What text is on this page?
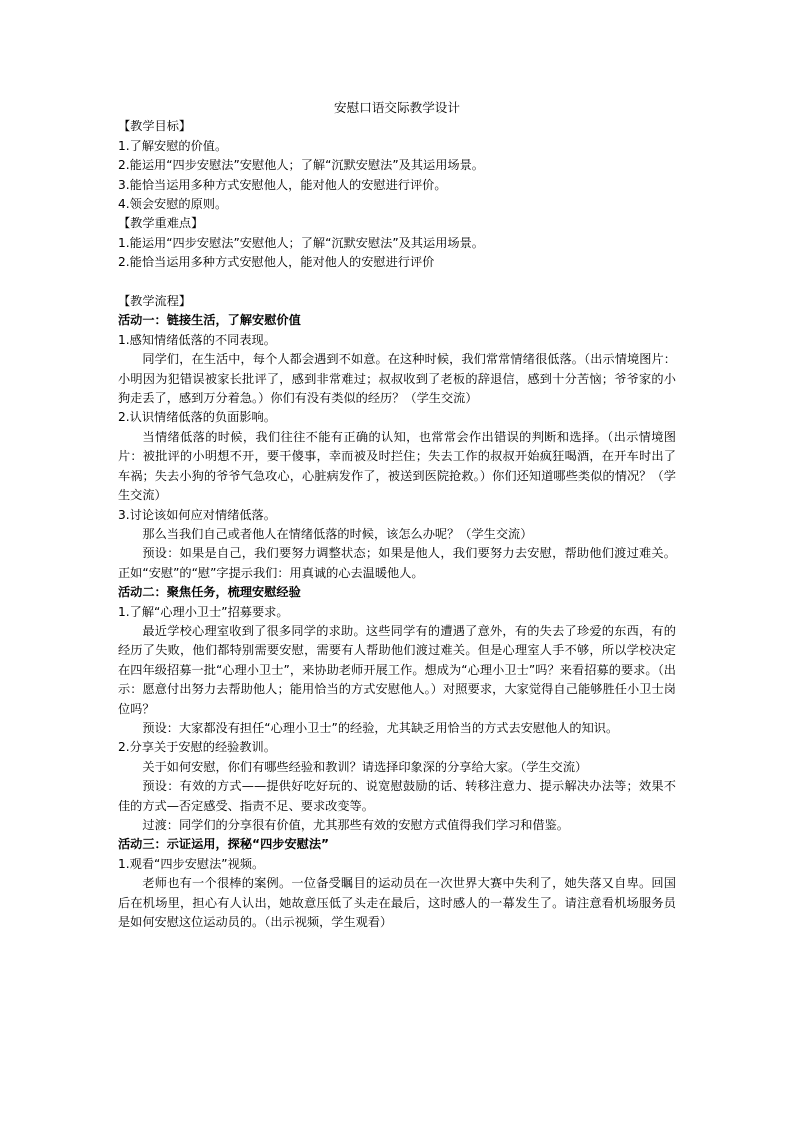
安慰口语交际教学设计

【教学目标】

1.了解安慰的价值。

2.能运用“四步安慰法”安慰他人；了解“沉默安慰法”及其运用场景。

3.能恰当运用多种方式安慰他人，能对他人的安慰进行评价。

4.领会安慰的原则。

【教学重难点】

1.能运用“四步安慰法”安慰他人；了解“沉默安慰法”及其运用场景。

2.能恰当运用多种方式安慰他人，能对他人的安慰进行评价

【教学流程】

活动一：链接生活，了解安慰价值

1.感知情绪低落的不同表现。

同学们，在生活中，每个人都会遇到不如意。在这种时候，我们常常情绪很低落。（出示情境图片：小明因为犯错误被家长批评了，感到非常难过；叔叔收到了老板的辞退信，感到十分苦恼；爷爷家的小狗走丢了，感到万分着急。）你们有没有类似的经历？（学生交流）

2.认识情绪低落的负面影响。

当情绪低落的时候，我们往往不能有正确的认知，也常常会作出错误的判断和选择。（出示情境图片：被批评的小明想不开，要干傻事，幸而被及时拦住；失去工作的叔叔开始疯狂喝酒，在开车时出了车祸；失去小狗的爷爷气急攻心，心脏病发作了，被送到医院抢救。）你们还知道哪些类似的情况？（学生交流）

3.讨论该如何应对情绪低落。

那么当我们自己或者他人在情绪低落的时候，该怎么办呢？（学生交流）

预设：如果是自己，我们要努力调整状态；如果是他人，我们要努力去安慰，帮助他们渡过难关。正如“安慰”的“慰”字提示我们：用真诚的心去温暖他人。

活动二：聚焦任务，梳理安慰经验

1.了解“心理小卫士”招募要求。

最近学校心理室收到了很多同学的求助。这些同学有的遭遇了意外，有的失去了珍爱的东西，有的经历了失败，他们都特别需要安慰，需要有人帮助他们渡过难关。但是心理室人手不够，所以学校决定在四年级招募一批“心理小卫士”，来协助老师开展工作。想成为“心理小卫士”吗？来看招募的要求。（出示：愿意付出努力去帮助他人；能用恰当的方式安慰他人。）对照要求，大家觉得自己能够胜任小卫士岗位吗？

预设：大家都没有担任“心理小卫士”的经验，尤其缺乏用恰当的方式去安慰他人的知识。

2.分享关于安慰的经验教训。

关于如何安慰，你们有哪些经验和教训？请选择印象深的分享给大家。（学生交流）

预设：有效的方式——提供好吃好玩的、说宽慰鼓励的话、转移注意力、提示解决办法等；效果不佳的方式—否定感受、指责不足、要求改变等。

过渡：同学们的分享很有价值，尤其那些有效的安慰方式值得我们学习和借鉴。

活动三：示证运用，探秘“四步安慰法”

1.观看“四步安慰法”视频。

老师也有一个很棒的案例。一位备受瞩目的运动员在一次世界大赛中失利了，她失落又自卑。回国后在机场里，担心有人认出，她故意压低了头走在最后，这时感人的一幕发生了。请注意看机场服务员是如何安慰这位运动员的。（出示视频，学生观看）
